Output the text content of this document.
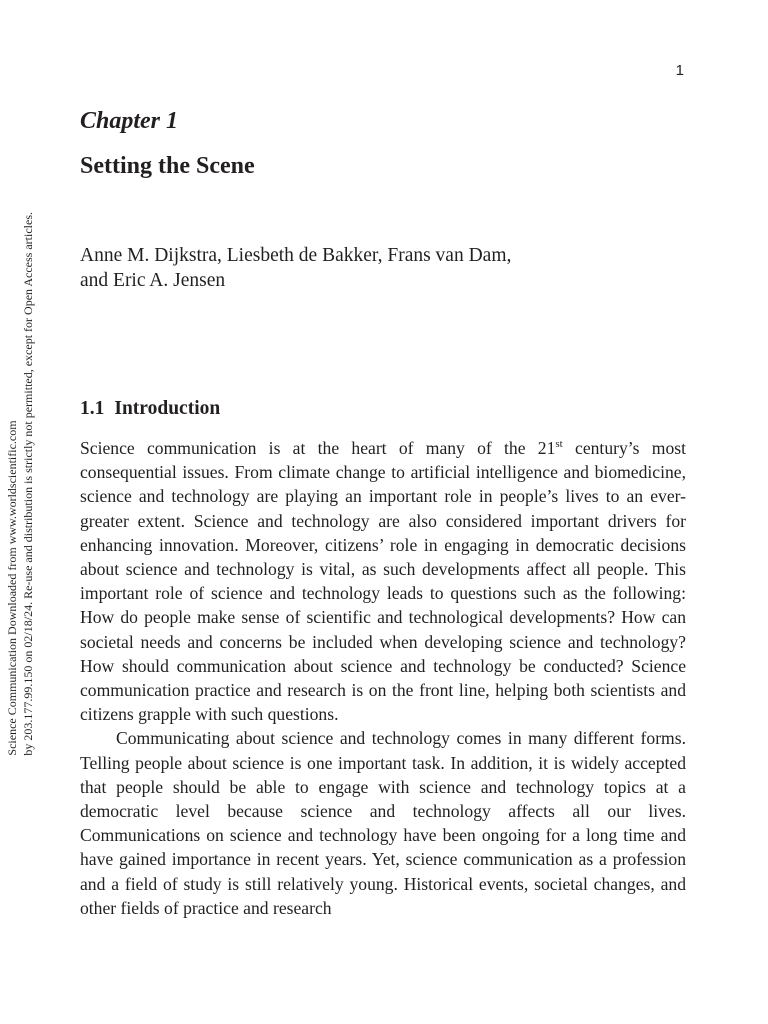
1
Chapter 1
Setting the Scene

Anne M. Dijkstra, Liesbeth de Bakker, Frans van Dam,
and Eric A. Jensen

1.1 Introduction

Science communication is at the heart of many of the 21st century’s most consequential issues. From climate change to artificial intelligence and biomedicine, science and technology are playing an important role in people’s lives to an ever-greater extent. Science and technology are also considered important drivers for enhancing innovation. Moreover, citizens’ role in engaging in democratic decisions about science and technology is vital, as such developments affect all people. This important role of science and technology leads to questions such as the following: How do people make sense of scientific and technological developments? How can societal needs and concerns be included when developing science and technology? How should communication about science and technology be conducted? Science communication practice and research is on the front line, helping both scientists and citizens grapple with such questions.

Communicating about science and technology comes in many different forms. Telling people about science is one important task. In addition, it is widely accepted that people should be able to engage with science and technology topics at a democratic level because science and technology affects all our lives. Communications on science and technology have been ongoing for a long time and have gained importance in recent years. Yet, science communication as a profession and a field of study is still relatively young. Historical events, societal changes, and other fields of practice and research

Science Communication Downloaded from www.worldscientific.com by 203.177.99.150 on 02/18/24. Re-use and distribution is strictly not permitted, except for Open Access articles.
